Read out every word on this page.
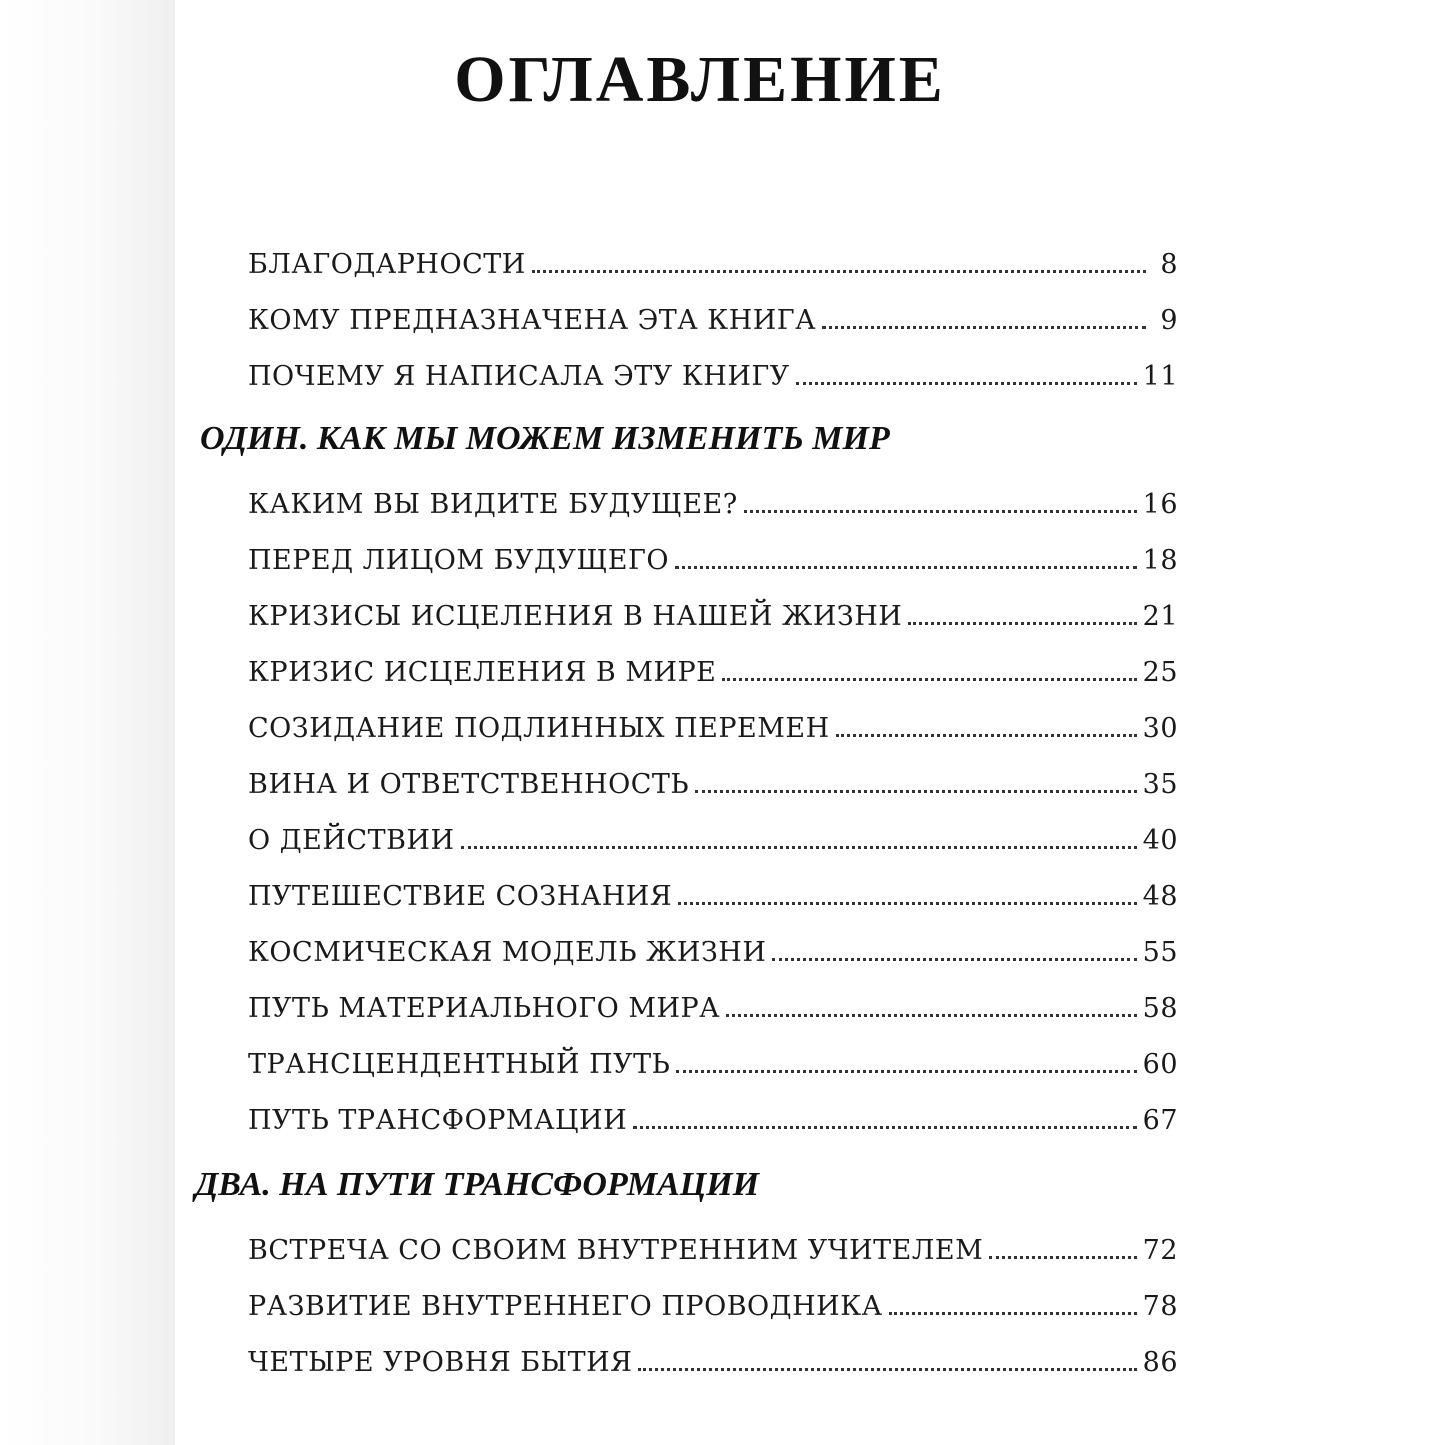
ОГЛАВЛЕНИЕ
БЛАГОДАРНОСТИ	8
КОМУ ПРЕДНАЗНАЧЕНА ЭТА КНИГА	9
ПОЧЕМУ Я НАПИСАЛА ЭТУ КНИГУ	11
ОДИН. КАК МЫ МОЖЕМ ИЗМЕНИТЬ МИР
КАКИМ ВЫ ВИДИТЕ БУДУЩЕЕ?	16
ПЕРЕД ЛИЦОМ БУДУЩЕГО	18
КРИЗИСЫ ИСЦЕЛЕНИЯ В НАШЕЙ ЖИЗНИ	21
КРИЗИС ИСЦЕЛЕНИЯ В МИРЕ	25
СОЗИДАНИЕ ПОДЛИННЫХ ПЕРЕМЕН	30
ВИНА И ОТВЕТСТВЕННОСТЬ	35
О ДЕЙСТВИИ	40
ПУТЕШЕСТВИЕ СОЗНАНИЯ	48
КОСМИЧЕСКАЯ МОДЕЛЬ ЖИЗНИ	55
ПУТЬ МАТЕРИАЛЬНОГО МИРА	58
ТРАНСЦЕНДЕНТНЫЙ ПУТЬ	60
ПУТЬ ТРАНСФОРМАЦИИ	67
ДВА. НА ПУТИ ТРАНСФОРМАЦИИ
ВСТРЕЧА СО СВОИМ ВНУТРЕННИМ УЧИТЕЛЕМ	72
РАЗВИТИЕ ВНУТРЕННЕГО ПРОВОДНИКА	78
ЧЕТЫРЕ УРОВНЯ БЫТИЯ	86
